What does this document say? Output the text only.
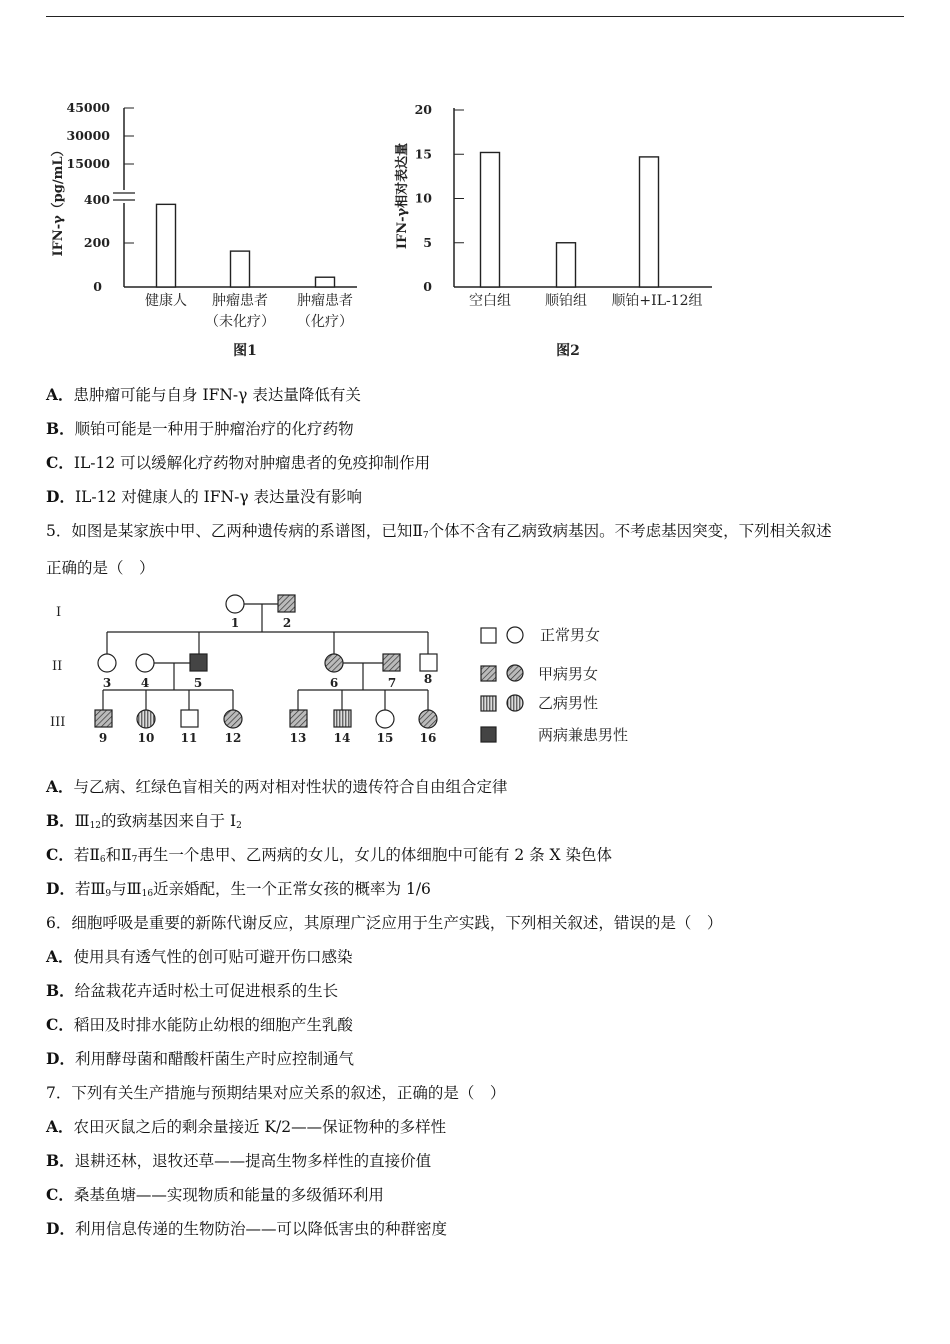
IFN-γ（pg/mL）
45000
30000
15000
400
200
0
健康人 肿瘤患者
（未化疗）
肿瘤患者
（化疗）
图1
IFN-γ相对表达量
20
15
10
5
0
空白组 顺铂组 顺铂+IL-12组
图2
A．患肿瘤可能与自身 IFN-γ 表达量降低有关
B．顺铂可能是一种用于肿瘤治疗的化疗药物
C．IL-12 可以缓解化疗药物对肿瘤患者的免疫抑制作用
D．IL-12 对健康人的 IFN-γ 表达量没有影响
5．如图是某家族中甲、乙两种遗传病的系谱图，已知$Ⅱ_7$个体不含有乙病致病基因。不考虑基因突变，下列相关叙述
正确的是（　）
I
II
III
1	2
3 4	5	6	7 8
9	10 11 12	13 14 15 16
正常男女
甲病男女
乙病男性
两病兼患男性
A．与乙病、红绿色盲相关的两对相对性状的遗传符合自由组合定律
B．$Ⅲ_{12}$的致病基因来自于 $I_2$
C．若$Ⅱ_6$和$Ⅱ_7$再生一个患甲、乙两病的女儿，女儿的体细胞中可能有 2 条 X 染色体
D．若$Ⅲ_9$与$Ⅲ_{16}$近亲婚配，生一个正常女孩的概率为 1/6
6．细胞呼吸是重要的新陈代谢反应，其原理广泛应用于生产实践，下列相关叙述，错误的是（　）
A．使用具有透气性的创可贴可避开伤口感染
B．给盆栽花卉适时松土可促进根系的生长
C．稻田及时排水能防止幼根的细胞产生乳酸
D．利用酵母菌和醋酸杆菌生产时应控制通气
7．下列有关生产措施与预期结果对应关系的叙述，正确的是（　）
A．农田灭鼠之后的剩余量接近 K/2——保证物种的多样性
B．退耕还林，退牧还草——提高生物多样性的直接价值
C．桑基鱼塘——实现物质和能量的多级循环利用
D．利用信息传递的生物防治——可以降低害虫的种群密度
